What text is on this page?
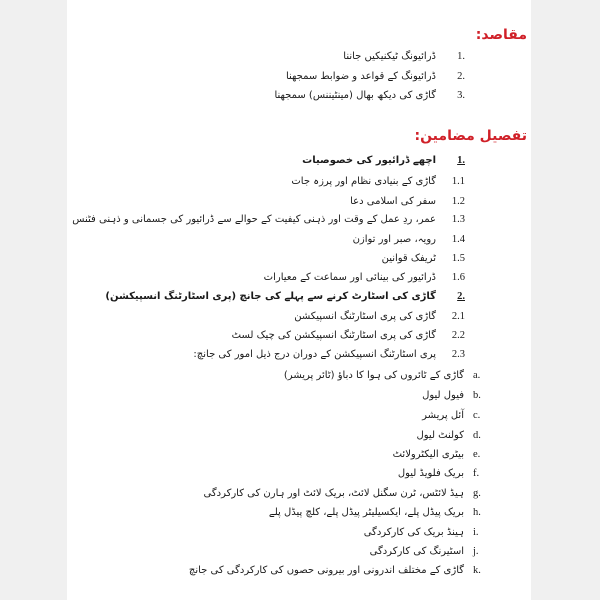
مقاصد:
ڈرائیونگ ٹیکنیکیں جاننا	1.
ڈرائیونگ کے قواعد و ضوابط سمجھنا	2.
گاڑی کی دیکھ بھال (مینٹیننس) سمجھنا	3.
تفصیل مضامین:
اچھے ڈرائیور کی خصوصیات	1.
گاڑی کے بنیادی نظام اور پرزہ جات	1.1
سفر کی اسلامی دعا	1.2
عمر، ردِ عمل کے وقت اور ذہنی کیفیت کے حوالے سے ڈرائیور کی جسمانی و ذہنی فٹنس	1.3
رویہ، صبر اور توازن	1.4
ٹریفک قوانین	1.5
ڈرائیور کی بینائی اور سماعت کے معیارات	1.6
گاڑی کی اسٹارٹ کرنے سے پہلے کی جانچ (پری اسٹارٹنگ انسپیکشن)	2.
گاڑی کی پری اسٹارٹنگ انسپیکشن	2.1
گاڑی کی پری اسٹارٹنگ انسپیکشن کی چیک لسٹ	2.2
پری اسٹارٹنگ انسپیکشن کے دوران درج ذیل امور کی جانچ:	2.3
گاڑی کے ٹائروں کی ہوا کا دباؤ (ٹائر پریشر) a.
فیول لیول b.
آئل پریشر c.
کولنٹ لیول d.
بیٹری الیکٹرولائٹ e.
بریک فلویڈ لیول f.
ہیڈ لائٹس، ٹرن سگنل لائٹ، بریک لائٹ اور ہارن کی کارکردگی g.
بریک پیڈل پلے، ایکسیلیٹر پیڈل پلے، کلچ پیڈل پلے h.
ہینڈ بریک کی کارکردگی i.
اسٹیرنگ کی کارکردگی j.
گاڑی کے مختلف اندرونی اور بیرونی حصوں کی کارکردگی کی جانچ k.
